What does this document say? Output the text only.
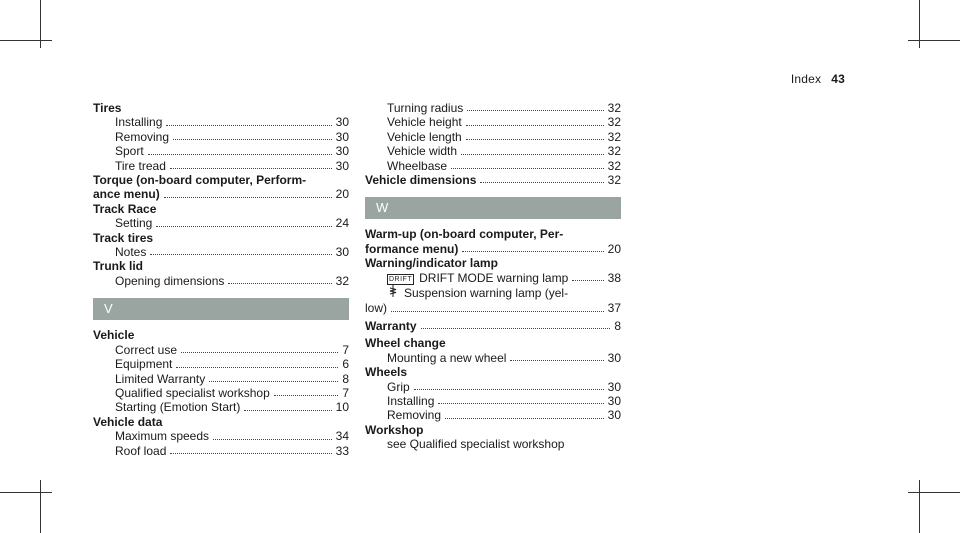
Index 43

Tires

Installing	30
Removing	30
Sport	30
Tire tread	30

Torque (on-board computer, Perform-

ance menu)	20

Track Race

Setting	24

Track tires

Notes	30

Trunk lid

Opening dimensions	32
V

Vehicle

Correct use	7
Equipment	6
Limited Warranty	8
Qualified specialist workshop	7
Starting (Emotion Start)	10

Vehicle data

Maximum speeds	34
Roof load	33
Turning radius	32
Vehicle height	32
Vehicle length	32
Vehicle width	32
Wheelbase	32
Vehicle dimensions	32
W

Warm-up (on-board computer, Per-

formance menu)	20

Warning/indicator lamp

DRIFT DRIFT MODE warning lamp	38
Suspension warning lamp (yel-
low)	37
Warranty	8

Wheel change

Mounting a new wheel	30

Wheels

Grip	30
Installing	30
Removing	30

Workshop

see Qualified specialist workshop
